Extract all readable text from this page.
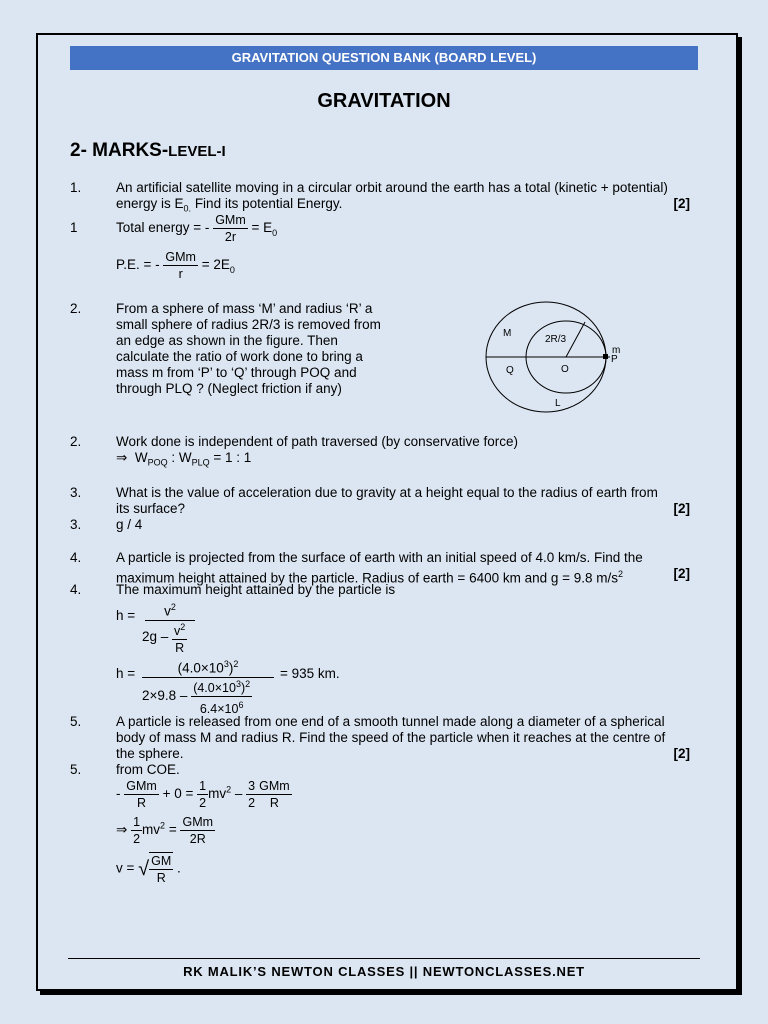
GRAVITATION QUESTION BANK (BOARD LEVEL)
GRAVITATION
2- MARKS-LEVEL-I
1.	An artificial satellite moving in a circular orbit around the earth has a total (kinetic + potential)
energy is $E_{0.}$ Find its potential Energy.	[2]
1	Total energy = - $\frac{\text{GMm}}{2r} = E_0$
P.E. = - $\frac{\text{GMm}}{r} = 2E_0$
2.	From a sphere of mass ‘M’ and radius ‘R’ a
small sphere of radius 2R/3 is removed from
an edge as shown in the figure. Then
calculate the ratio of work done to bring a
mass m from ‘P’ to ‘Q’ through POQ and
through PLQ ? (Neglect friction if any)
M
2R/3
m
P
Q	O
L
2.	Work done is independent of path traversed (by conservative force)
⇒ $W_{POQ}$ : $W_{PLQ} = 1$ : 1
3.	What is the value of acceleration due to gravity at a height equal to the radius of earth from
its surface?	[2]
3.	g / 4
4.	A particle is projected from the surface of earth with an initial speed of 4.0 km/s. Find the
maximum height attained by the particle. Radius of earth = 6400 km and g = 9.8 $m/s^2$	[2]
4.	The maximum height attained by the particle is
h =	$v^2$
$2g - \frac{v^2}{R}$
h =	$(4.0\times 10^3)^2$
$2\times 9.8 - \frac{(4.0\times 10^3)^2}{6.4\times 10^6}$
= 935 km.
5.	A particle is released from one end of a smooth tunnel made along a diameter of a spherical
body of mass M and radius R. Find the speed of the particle when it reaches at the centre of
the sphere.	[2]
5.	from COE.
- $\frac{\text{GMm}}{R} + 0 = \frac{1}{2} mv^2 - \frac{3}{2} \frac{\text{GMm}}{R}$
⇒ $\frac{1}{2} mv^2 = \frac{\text{GMm}}{2R}$
v = √ $\frac{GM}{R}$ .
RK MALIK’S NEWTON CLASSES || NEWTONCLASSES.NET
